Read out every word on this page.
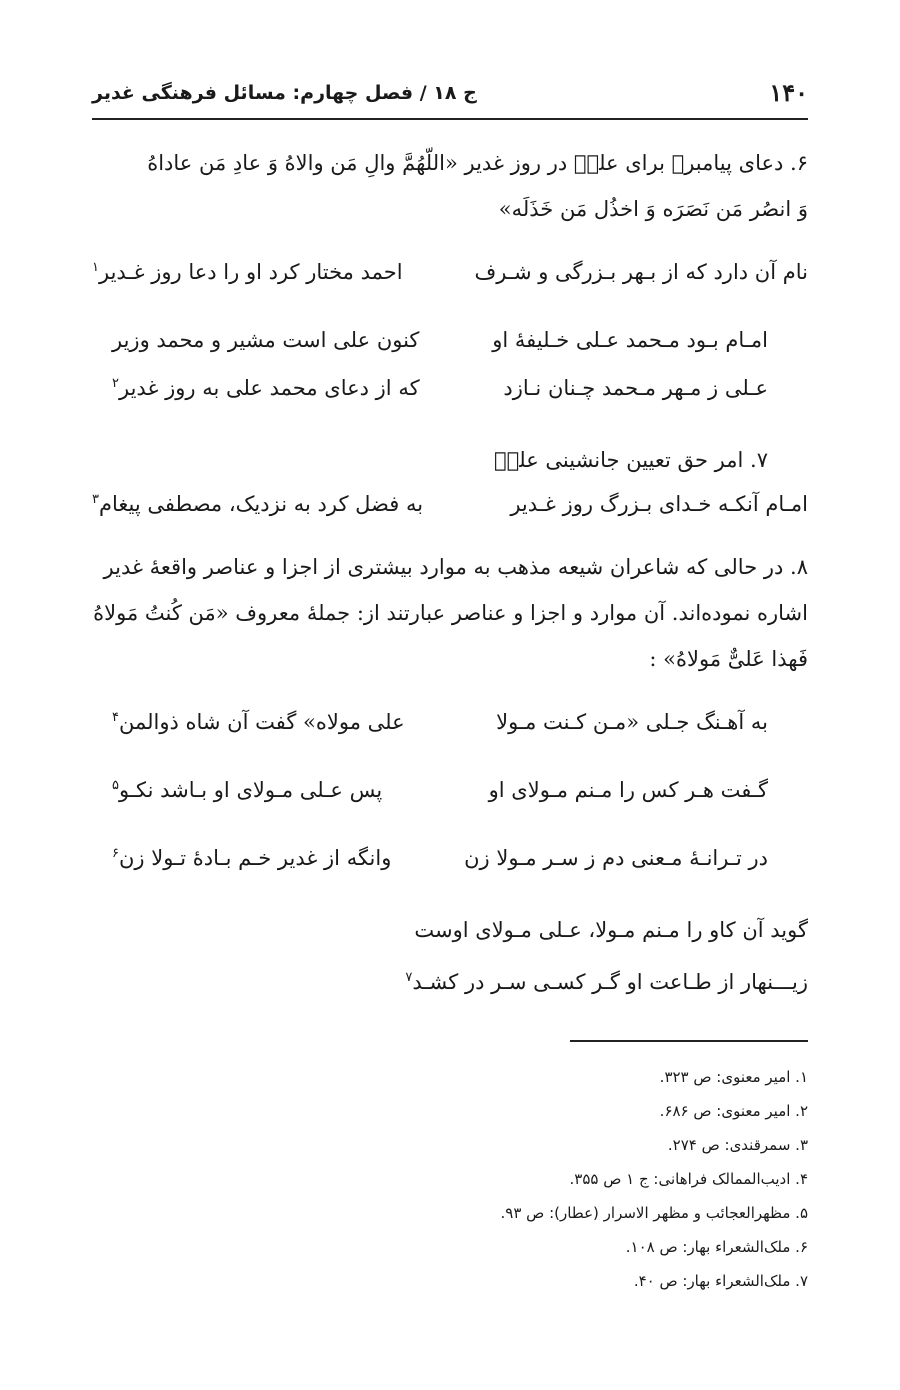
۱۴۰
ج ۱۸ / فصل چهارم: مسائل فرهنگی غدیر

۶. دعای پیامبرﷺ برای علیؑ در روز غدیر «اللّهُمَّ والِ مَن والاهُ وَ عادِ مَن عاداهُ
وَ انصُر مَن نَصَرَه وَ اخذُل مَن خَذَلَه»

نام آن دارد که از بـهر بـزرگی و شـرف
احمد مختار کرد او را دعا روز غـدیر$^۱$
امـام بـود مـحمد عـلی خـلیفهٔ او
کنون علی است مشیر و محمد وزیر
عـلی ز مـهر مـحمد چـنان نـازد
که از دعای محمد علی به روز غدیر$^۲$
۷. امر حق تعیین جانشینی علیؑ
امـام آنکـه خـدای بـزرگ روز غـدیر
به فضل کرد به نزدیک، مصطفی پیغام$^۳$

۸. در حالی که شاعران شیعه مذهب به موارد بیشتری از اجزا و عناصر واقعهٔ غدیر
اشاره نموده‌اند. آن موارد و اجزا و عناصر عبارتند از: جملهٔ معروف «مَن کُنتُ مَولاهُ
فَهذا عَلیٌّ مَولاهُ» :

به آهـنگ جـلی «مـن کـنت مـولا
علی مولاه» گفت آن شاه ذوالمن$^۴$
گـفت هـر کس را مـنم مـولای او
پس عـلی مـولای او بـاشد نکـو$^۵$
در تـرانـهٔ مـعنی دم ز سـر مـولا زن
وانگه از غدیر خـم بـادهٔ تـولا زن$^۶$
گوید آن کاو را مـنم مـولا، عـلی مـولای اوست
زیـــنهار از طـاعت او گـر کسـی سـر در کشـد$^۷$
۱. امیر معنوی: ص ۳۲۳.
۲. امیر معنوی: ص ۶۸۶.
۳. سمرقندی: ص ۲۷۴.
۴. ادیب‌الممالک فراهانی: ج ۱ ص ۳۵۵.
۵. مظهرالعجائب و مظهر الاسرار (عطار): ص ۹۳.
۶. ملک‌الشعراء بهار: ص ۱۰۸.
۷. ملک‌الشعراء بهار: ص ۴۰.
